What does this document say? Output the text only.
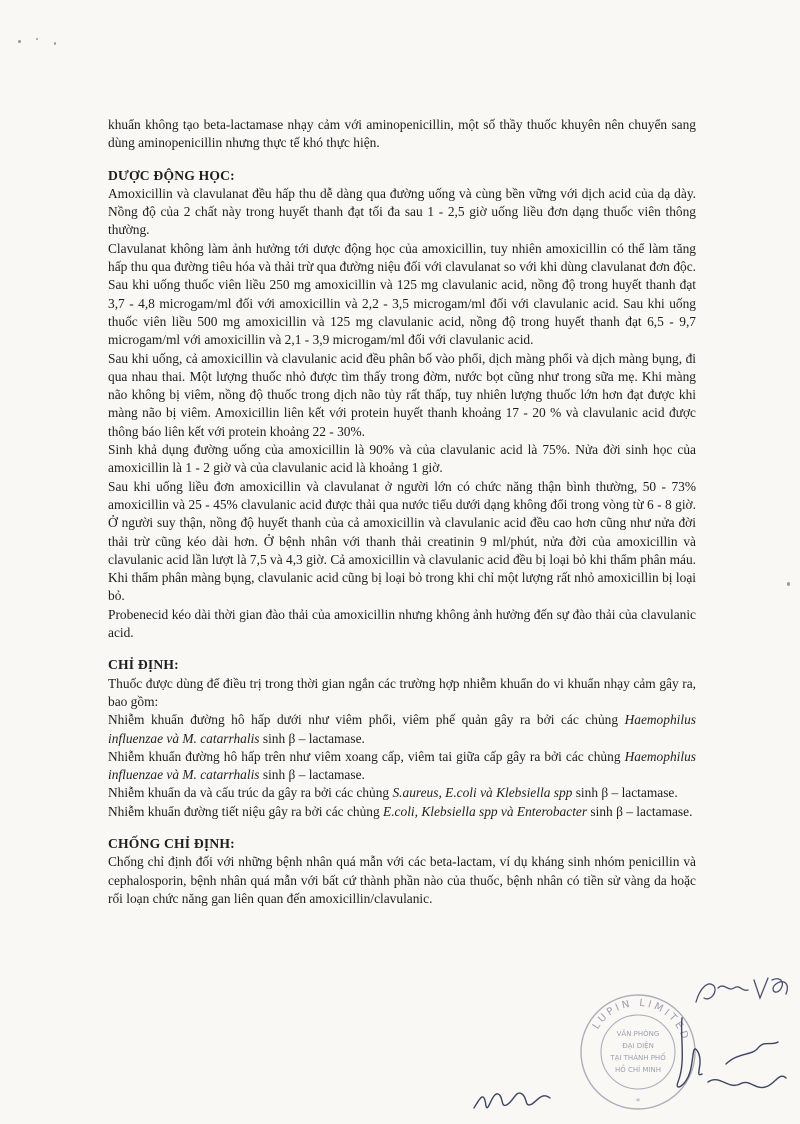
khuẩn không tạo beta-lactamase nhạy cảm với aminopenicillin, một số thầy thuốc khuyên nên chuyển sang dùng aminopenicillin nhưng thực tế khó thực hiện.

DƯỢC ĐỘNG HỌC:

Amoxicillin và clavulanat đều hấp thu dễ dàng qua đường uống và cùng bền vững với dịch acid của dạ dày. Nồng độ của 2 chất này trong huyết thanh đạt tối đa sau 1 - 2,5 giờ uống liều đơn dạng thuốc viên thông thường.

Clavulanat không làm ảnh hưởng tới dược động học của amoxicillin, tuy nhiên amoxicillin có thể làm tăng hấp thu qua đường tiêu hóa và thải trừ qua đường niệu đối với clavulanat so với khi dùng clavulanat đơn độc. Sau khi uống thuốc viên liều 250 mg amoxicillin và 125 mg clavulanic acid, nồng độ trong huyết thanh đạt 3,7 - 4,8 microgam/ml đối với amoxicillin và 2,2 - 3,5 microgam/ml đối với clavulanic acid. Sau khi uống thuốc viên liều 500 mg amoxicillin và 125 mg clavulanic acid, nồng độ trong huyết thanh đạt 6,5 - 9,7 microgam/ml với amoxicillin và 2,1 - 3,9 microgam/ml đối với clavulanic acid.

Sau khi uống, cả amoxicillin và clavulanic acid đều phân bố vào phổi, dịch màng phổi và dịch màng bụng, đi qua nhau thai. Một lượng thuốc nhỏ được tìm thấy trong đờm, nước bọt cũng như trong sữa mẹ. Khi màng não không bị viêm, nồng độ thuốc trong dịch não tủy rất thấp, tuy nhiên lượng thuốc lớn hơn đạt được khi màng não bị viêm. Amoxicillin liên kết với protein huyết thanh khoảng 17 - 20 % và clavulanic acid được thông báo liên kết với protein khoảng 22 - 30%.

Sinh khả dụng đường uống của amoxicillin là 90% và của clavulanic acid là 75%. Nửa đời sinh học của amoxicillin là 1 - 2 giờ và của clavulanic acid là khoảng 1 giờ.

Sau khi uống liều đơn amoxicillin và clavulanat ở người lớn có chức năng thận bình thường, 50 - 73% amoxicillin và 25 - 45% clavulanic acid được thải qua nước tiểu dưới dạng không đổi trong vòng từ 6 - 8 giờ. Ở người suy thận, nồng độ huyết thanh của cả amoxicillin và clavulanic acid đều cao hơn cũng như nửa đời thải trừ cũng kéo dài hơn. Ở bệnh nhân với thanh thải creatinin 9 ml/phút, nửa đời của amoxicillin và clavulanic acid lần lượt là 7,5 và 4,3 giờ. Cả amoxicillin và clavulanic acid đều bị loại bỏ khi thẩm phân máu. Khi thẩm phân màng bụng, clavulanic acid cũng bị loại bỏ trong khi chỉ một lượng rất nhỏ amoxicillin bị loại bỏ.

Probenecid kéo dài thời gian đào thải của amoxicillin nhưng không ảnh hưởng đến sự đào thải của clavulanic acid.

CHỈ ĐỊNH:

Thuốc được dùng để điều trị trong thời gian ngắn các trường hợp nhiễm khuẩn do vi khuẩn nhạy cảm gây ra, bao gồm:

Nhiễm khuẩn đường hô hấp dưới như viêm phổi, viêm phế quản gây ra bởi các chủng Haemophilus influenzae và M. catarrhalis sinh β – lactamase.

Nhiễm khuẩn đường hô hấp trên như viêm xoang cấp, viêm tai giữa cấp gây ra bởi các chủng Haemophilus influenzae và M. catarrhalis sinh β – lactamase.

Nhiễm khuẩn da và cấu trúc da gây ra bởi các chủng S.aureus, E.coli và Klebsiella spp sinh β – lactamase.

Nhiễm khuẩn đường tiết niệu gây ra bởi các chủng E.coli, Klebsiella spp và Enterobacter sinh β – lactamase.

CHỐNG CHỈ ĐỊNH:

Chống chỉ định đối với những bệnh nhân quá mẫn với các beta-lactam, ví dụ kháng sinh nhóm penicillin và cephalosporin, bệnh nhân quá mẫn với bất cứ thành phần nào của thuốc, bệnh nhân có tiền sử vàng da hoặc rối loạn chức năng gan liên quan đến amoxicillin/clavulanic.

LUPIN LIMITED
VĂN PHÒNG
ĐẠI DIỆN
TẠI THÀNH PHỐ
HỒ CHÍ MINH
*
